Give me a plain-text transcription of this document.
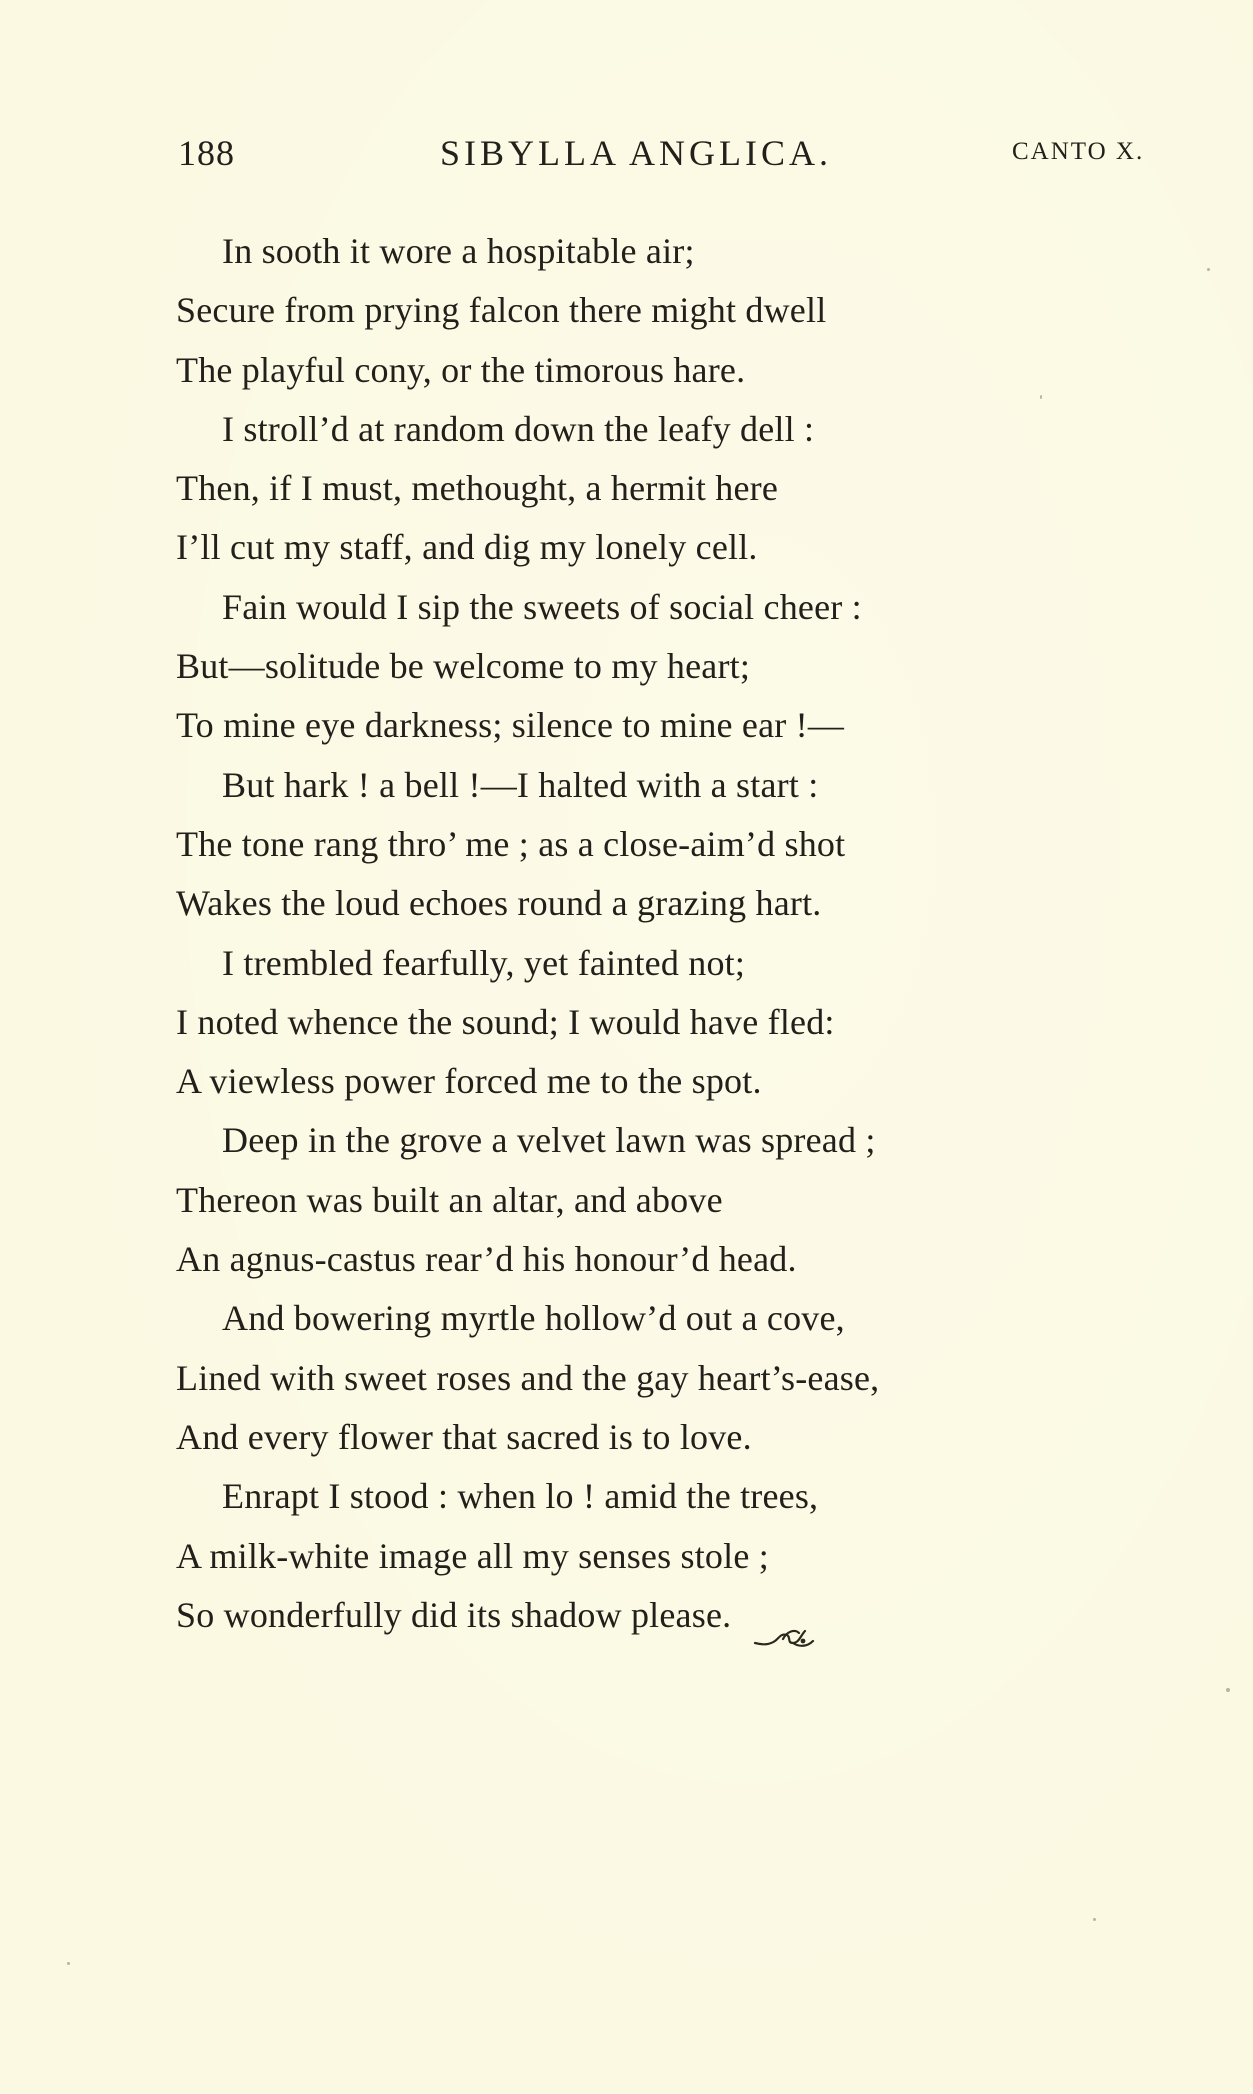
188	SIBYLLA ANGLICA.	CANTO X.
In sooth it wore a hospitable air;
Secure from prying falcon there might dwell
The playful cony, or the timorous hare.
I stroll’d at random down the leafy dell :
Then, if I must, methought, a hermit here
I’ll cut my staff, and dig my lonely cell.
Fain would I sip the sweets of social cheer :
But—solitude be welcome to my heart;
To mine eye darkness; silence to mine ear !—
But hark ! a bell !—I halted with a start :
The tone rang thro’ me ; as a close-aim’d shot
Wakes the loud echoes round a grazing hart.
I trembled fearfully, yet fainted not;
I noted whence the sound; I would have fled:
A viewless power forced me to the spot.
Deep in the grove a velvet lawn was spread ;
Thereon was built an altar, and above
An agnus-castus rear’d his honour’d head.
And bowering myrtle hollow’d out a cove,
Lined with sweet roses and the gay heart’s-ease,
And every flower that sacred is to love.
Enrapt I stood : when lo ! amid the trees,
A milk-white image all my senses stole ;
So wonderfully did its shadow please.
